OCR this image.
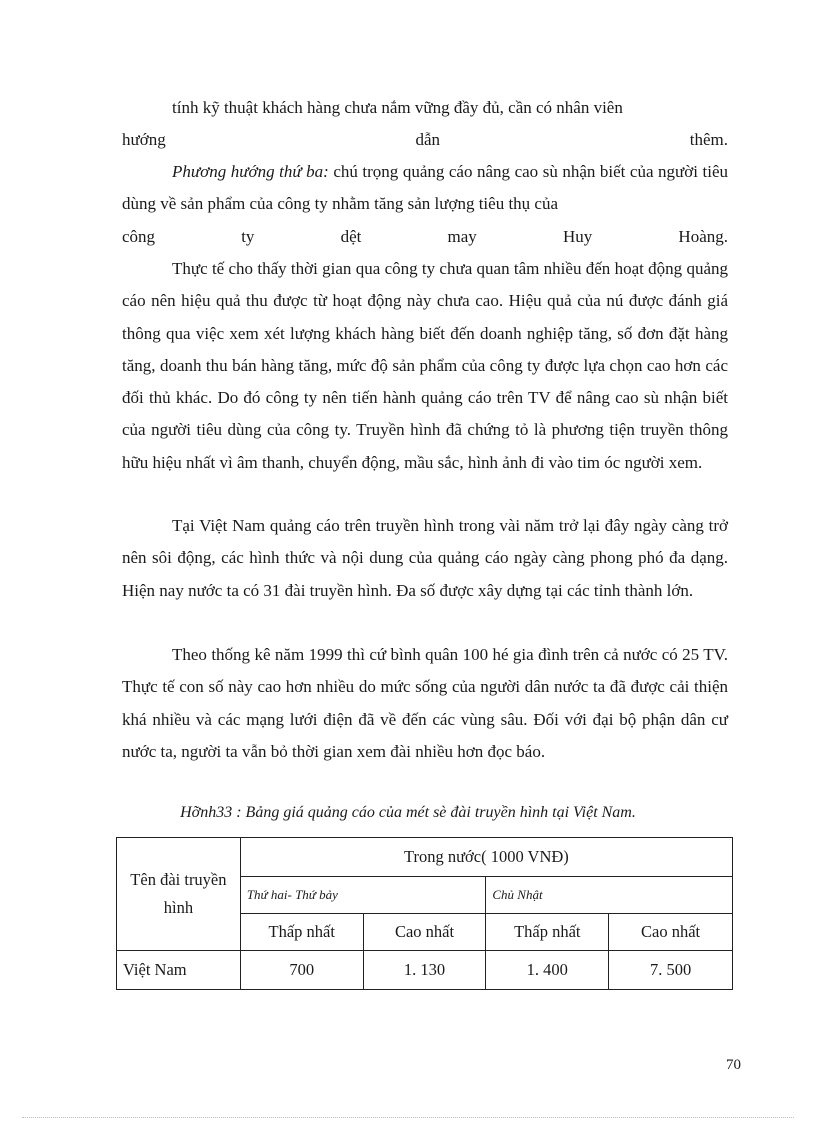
tính kỹ thuật khách hàng chưa nắm vững đầy đủ, cần có nhân viên

hướng dẫn thêm.

Phương hướng thứ ba: chú trọng quảng cáo nâng cao sù nhận biết của người tiêu dùng về sản phẩm của công ty nhằm tăng sản lượng tiêu thụ của

công ty dệt may Huy Hoàng.

Thực tế cho thấy thời gian qua công ty chưa quan tâm nhiều đến hoạt động quảng cáo nên hiệu quả thu được từ hoạt động này chưa cao. Hiệu quả của nú được đánh giá thông qua việc xem xét lượng khách hàng biết đến doanh nghiệp tăng, số đơn đặt hàng tăng, doanh thu bán hàng tăng, mức độ sản phẩm của công ty được lựa chọn cao hơn các đối thủ khác. Do đó công ty nên tiến hành quảng cáo trên TV để nâng cao sù nhận biết của người tiêu dùng của công ty. Truyền hình đã chứng tỏ là phương tiện truyền thông hữu hiệu nhất vì âm thanh, chuyển động, mầu sắc, hình ảnh đi vào tim óc người xem.

Tại Việt Nam quảng cáo trên truyền hình trong vài năm trở lại đây ngày càng trở nên sôi động, các hình thức và nội dung của quảng cáo ngày càng phong phó đa dạng. Hiện nay nước ta có 31 đài truyền hình. Đa số được xây dựng tại các tỉnh thành lớn.

Theo thống kê năm 1999 thì cứ bình quân 100 hé gia đình trên cả nước có 25 TV. Thực tế con số này cao hơn nhiều do mức sống của người dân nước ta đã được cải thiện khá nhiều và các mạng lưới điện đã về đến các vùng sâu. Đối với đại bộ phận dân cư nước ta, người ta vẫn bỏ thời gian xem đài nhiều hơn đọc báo.

Hỡnh33 : Bảng giá quảng cáo của mét sè đài truyền hình tại Việt Nam.

Tên đài truyền hình	Trong nước( 1000 VNĐ)			
	Thứ hai- Thứ bảy		Chủ Nhật	
	Thấp nhất	Cao nhất	Thấp nhất	Cao nhất
Việt Nam	700	1. 130	1. 400	7. 500
70
